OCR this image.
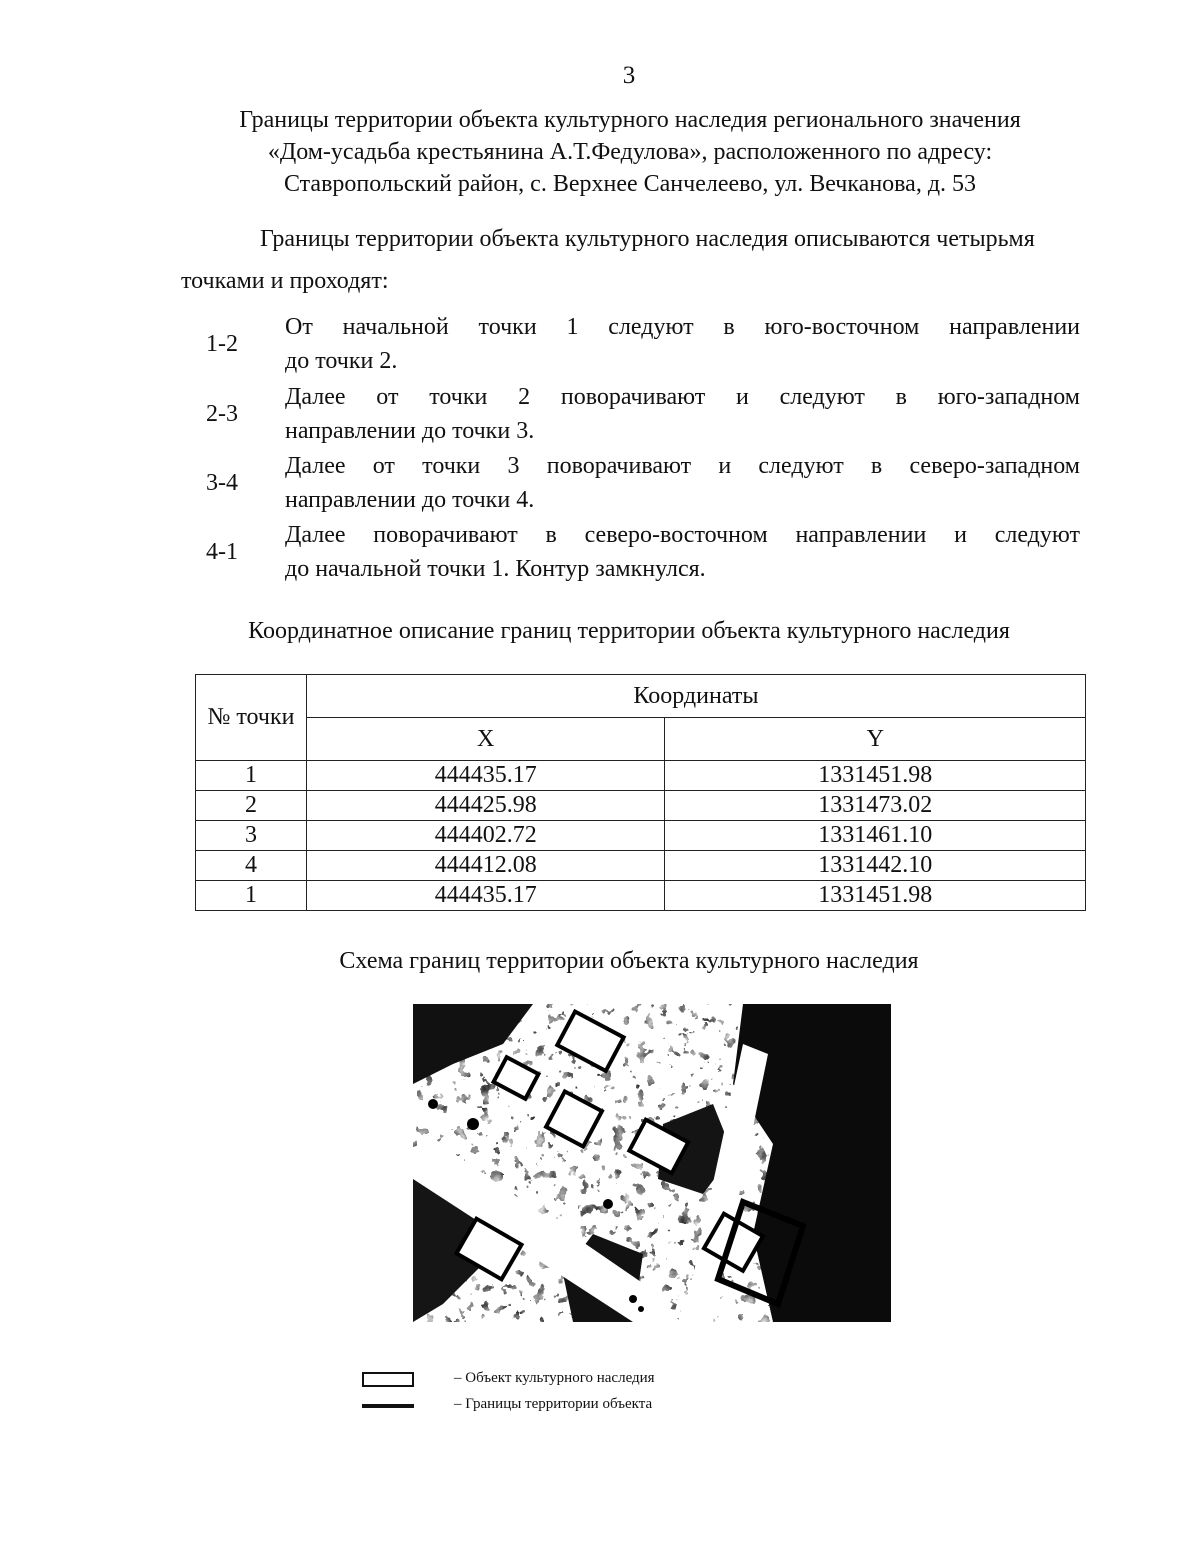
3
Границы территории объекта культурного наследия регионального значения
«Дом-усадьба крестьянина А.Т.Федулова», расположенного по адресу:
Ставропольский район, с. Верхнее Санчелеево, ул. Вечканова, д. 53
Границы территории объекта культурного наследия описываются четырьмя
точками и проходят:
1-2
От начальной точки 1 следуют в юго-восточном направлении
до точки 2.
2-3
Далее от точки 2 поворачивают и следуют в юго-западном
направлении до точки 3.
3-4
Далее от точки 3 поворачивают и следуют в северо-западном
направлении до точки 4.
4-1
Далее поворачивают в северо-восточном направлении и следуют
до начальной точки 1. Контур замкнулся.
Координатное описание границ территории объекта культурного наследия
№ точки	Координаты	
	X	Y
1	444435.17	1331451.98
2	444425.98	1331473.02
3	444402.72	1331461.10
4	444412.08	1331442.10
1	444435.17	1331451.98
Схема границ территории объекта культурного наследия
– Объект культурного наследия
– Границы территории объекта
